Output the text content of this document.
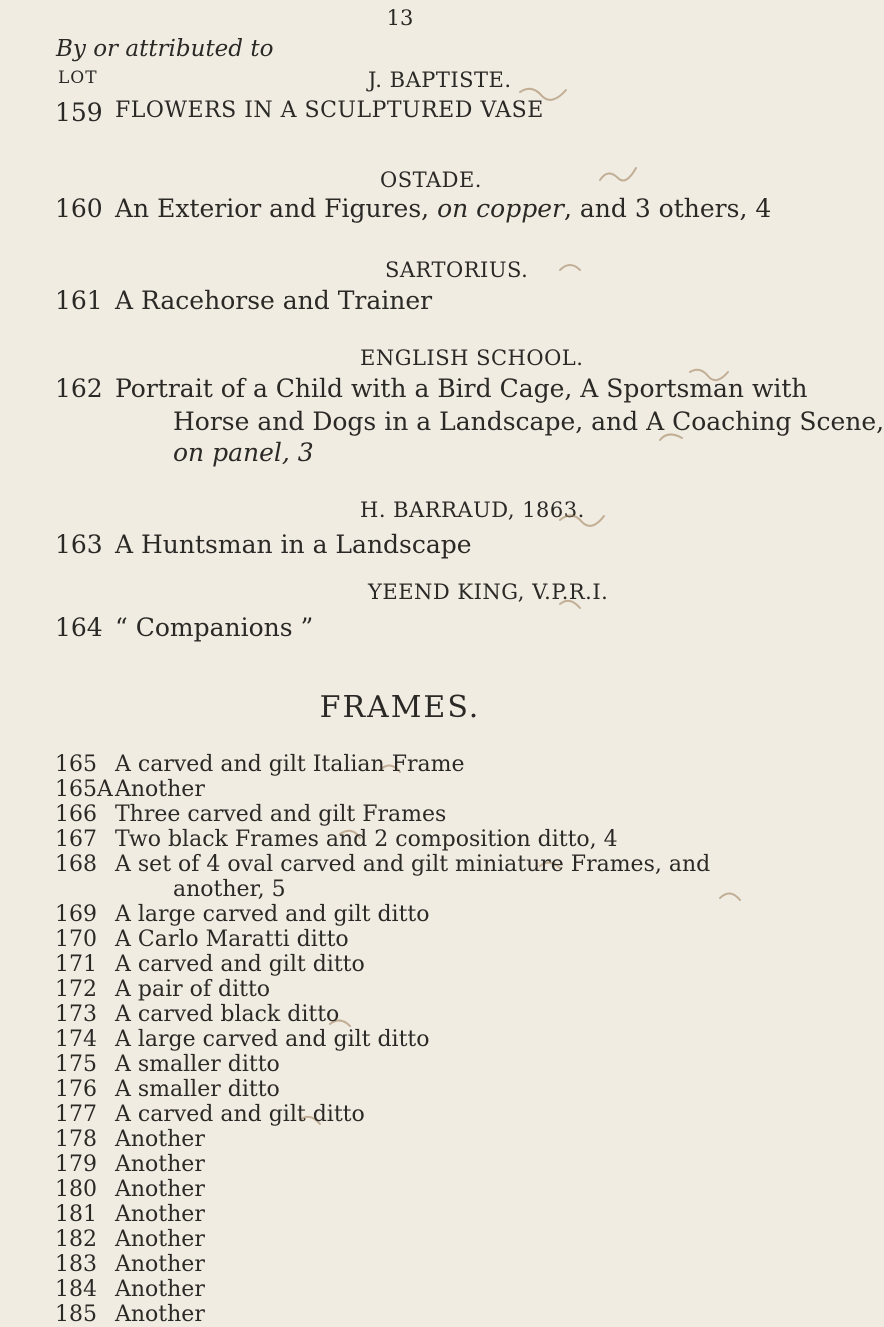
13
By or attributed to
LOT	J. BAPTISTE.
159 FLOWERS IN A SCULPTURED VASE
OSTADE.
160 An Exterior and Figures, on copper, and 3 others, 4
SARTORIUS.
161 A Racehorse and Trainer
ENGLISH SCHOOL.
162 Portrait of a Child with a Bird Cage, A Sportsman with
Horse and Dogs in a Landscape, and A Coaching Scene,
on panel, 3
H. BARRAUD, 1863.
163 A Huntsman in a Landscape
YEEND KING, V.P.R.I.
164 “ Companions ”
FRAMES.
165 A carved and gilt Italian Frame
165A Another
166 Three carved and gilt Frames
167 Two black Frames and 2 composition ditto, 4
168 A set of 4 oval carved and gilt miniature Frames, and
another, 5
169 A large carved and gilt ditto
170 A Carlo Maratti ditto
171 A carved and gilt ditto
172 A pair of ditto
173 A carved black ditto
174 A large carved and gilt ditto
175 A smaller ditto
176 A smaller ditto
177 A carved and gilt ditto
178 Another
179 Another
180 Another
181 Another
182 Another
183 Another
184 Another
185 Another
